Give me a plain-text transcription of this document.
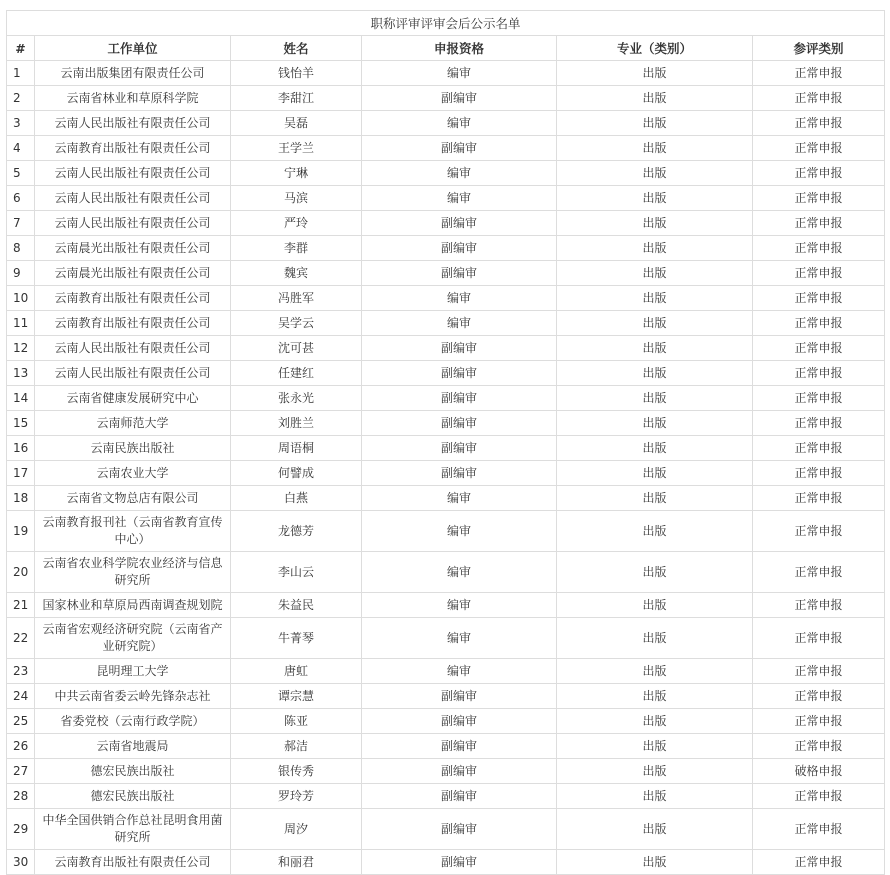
职称评审评审会后公示名单					
#	工作单位	姓名	申报资格	专业（类别）	参评类别
1	云南出版集团有限责任公司	钱怡羊	编审	出版	正常申报
2	云南省林业和草原科学院	李甜江	副编审	出版	正常申报
3	云南人民出版社有限责任公司	吴磊	编审	出版	正常申报
4	云南教育出版社有限责任公司	王学兰	副编审	出版	正常申报
5	云南人民出版社有限责任公司	宁琳	编审	出版	正常申报
6	云南人民出版社有限责任公司	马滨	编审	出版	正常申报
7	云南人民出版社有限责任公司	严玲	副编审	出版	正常申报
8	云南晨光出版社有限责任公司	李群	副编审	出版	正常申报
9	云南晨光出版社有限责任公司	魏宾	副编审	出版	正常申报
10	云南教育出版社有限责任公司	冯胜军	编审	出版	正常申报
11	云南教育出版社有限责任公司	吴学云	编审	出版	正常申报
12	云南人民出版社有限责任公司	沈可甚	副编审	出版	正常申报
13	云南人民出版社有限责任公司	任建红	副编审	出版	正常申报
14	云南省健康发展研究中心	张永光	副编审	出版	正常申报
15	云南师范大学	刘胜兰	副编审	出版	正常申报
16	云南民族出版社	周语桐	副编审	出版	正常申报
17	云南农业大学	何譬成	副编审	出版	正常申报
18	云南省文物总店有限公司	白燕	编审	出版	正常申报
19	云南教育报刊社（云南省教育宣传中心）	龙德芳	编审	出版	正常申报
20	云南省农业科学院农业经济与信息研究所	李山云	编审	出版	正常申报
21	国家林业和草原局西南调查规划院	朱益民	编审	出版	正常申报
22	云南省宏观经济研究院（云南省产业研究院）	牛菁琴	编审	出版	正常申报
23	昆明理工大学	唐虹	编审	出版	正常申报
24	中共云南省委云岭先锋杂志社	谭宗慧	副编审	出版	正常申报
25	省委党校（云南行政学院）	陈亚	副编审	出版	正常申报
26	云南省地震局	郝洁	副编审	出版	正常申报
27	德宏民族出版社	银传秀	副编审	出版	破格申报
28	德宏民族出版社	罗玲芳	副编审	出版	正常申报
29	中华全国供销合作总社昆明食用菌研究所	周汐	副编审	出版	正常申报
30	云南教育出版社有限责任公司	和丽君	副编审	出版	正常申报
